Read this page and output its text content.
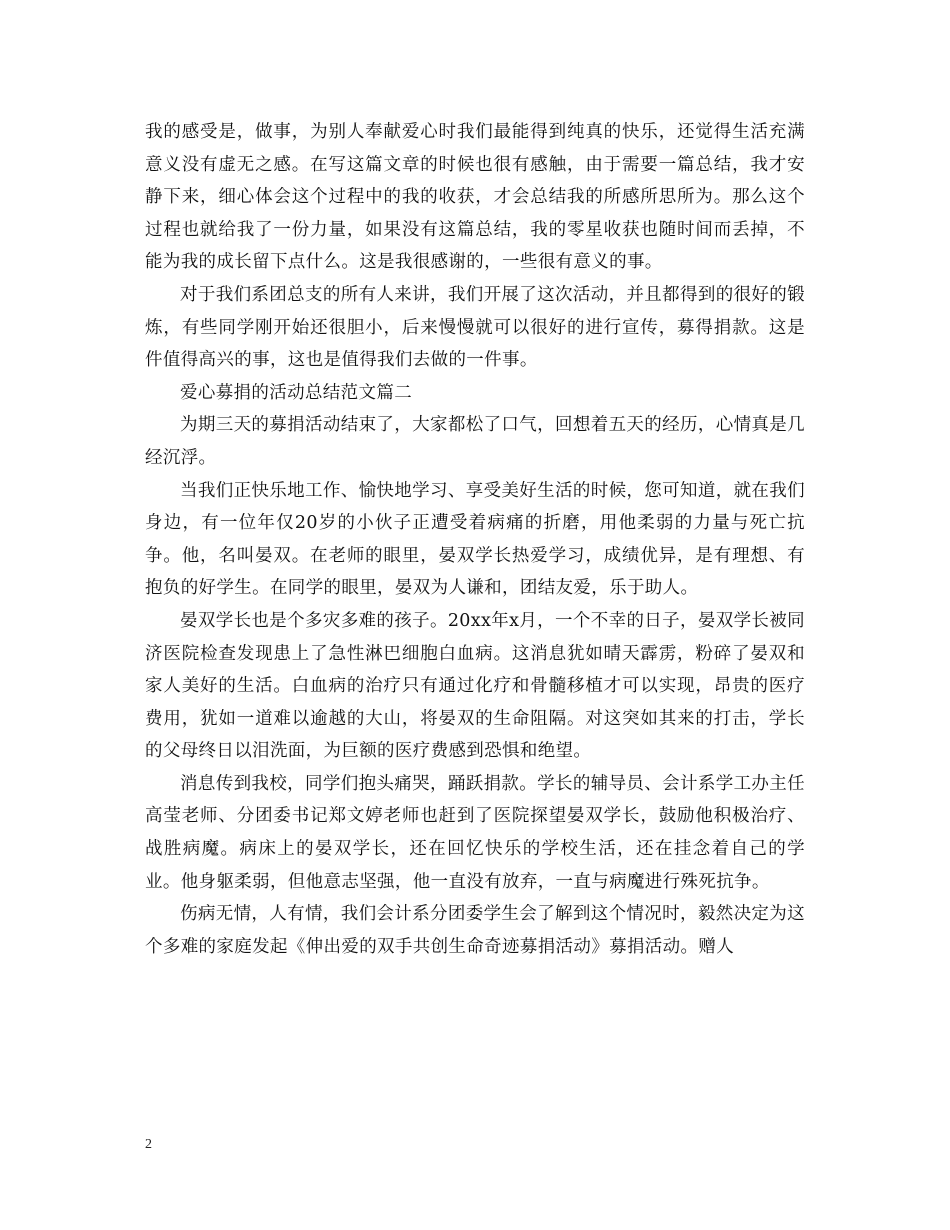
我的感受是，做事，为别人奉献爱心时我们最能得到纯真的快乐，还觉得生活充满意义没有虚无之感。在写这篇文章的时候也很有感触，由于需要一篇总结，我才安静下来，细心体会这个过程中的我的收获，才会总结我的所感所思所为。那么这个过程也就给我了一份力量，如果没有这篇总结，我的零星收获也随时间而丢掉，不能为我的成长留下点什么。这是我很感谢的，一些很有意义的事。

对于我们系团总支的所有人来讲，我们开展了这次活动，并且都得到的很好的锻炼，有些同学刚开始还很胆小，后来慢慢就可以很好的进行宣传，募得捐款。这是件值得高兴的事，这也是值得我们去做的一件事。

爱心募捐的活动总结范文篇二

为期三天的募捐活动结束了，大家都松了口气，回想着五天的经历，心情真是几经沉浮。

当我们正快乐地工作、愉快地学习、享受美好生活的时候，您可知道，就在我们身边，有一位年仅20岁的小伙子正遭受着病痛的折磨，用他柔弱的力量与死亡抗争。他，名叫晏双。在老师的眼里，晏双学长热爱学习，成绩优异，是有理想、有抱负的好学生。在同学的眼里，晏双为人谦和，团结友爱，乐于助人。

晏双学长也是个多灾多难的孩子。20xx年x月，一个不幸的日子，晏双学长被同济医院检查发现患上了急性淋巴细胞白血病。这消息犹如晴天霹雳，粉碎了晏双和家人美好的生活。白血病的治疗只有通过化疗和骨髓移植才可以实现，昂贵的医疗费用，犹如一道难以逾越的大山，将晏双的生命阻隔。对这突如其来的打击，学长的父母终日以泪洗面，为巨额的医疗费感到恐惧和绝望。

消息传到我校，同学们抱头痛哭，踊跃捐款。学长的辅导员、会计系学工办主任高莹老师、分团委书记郑文婷老师也赶到了医院探望晏双学长，鼓励他积极治疗、战胜病魔。病床上的晏双学长，还在回忆快乐的学校生活，还在挂念着自己的学业。他身躯柔弱，但他意志坚强，他一直没有放弃，一直与病魔进行殊死抗争。

伤病无情，人有情，我们会计系分团委学生会了解到这个情况时，毅然决定为这个多难的家庭发起《伸出爱的双手共创生命奇迹募捐活动》募捐活动。赠人

2
